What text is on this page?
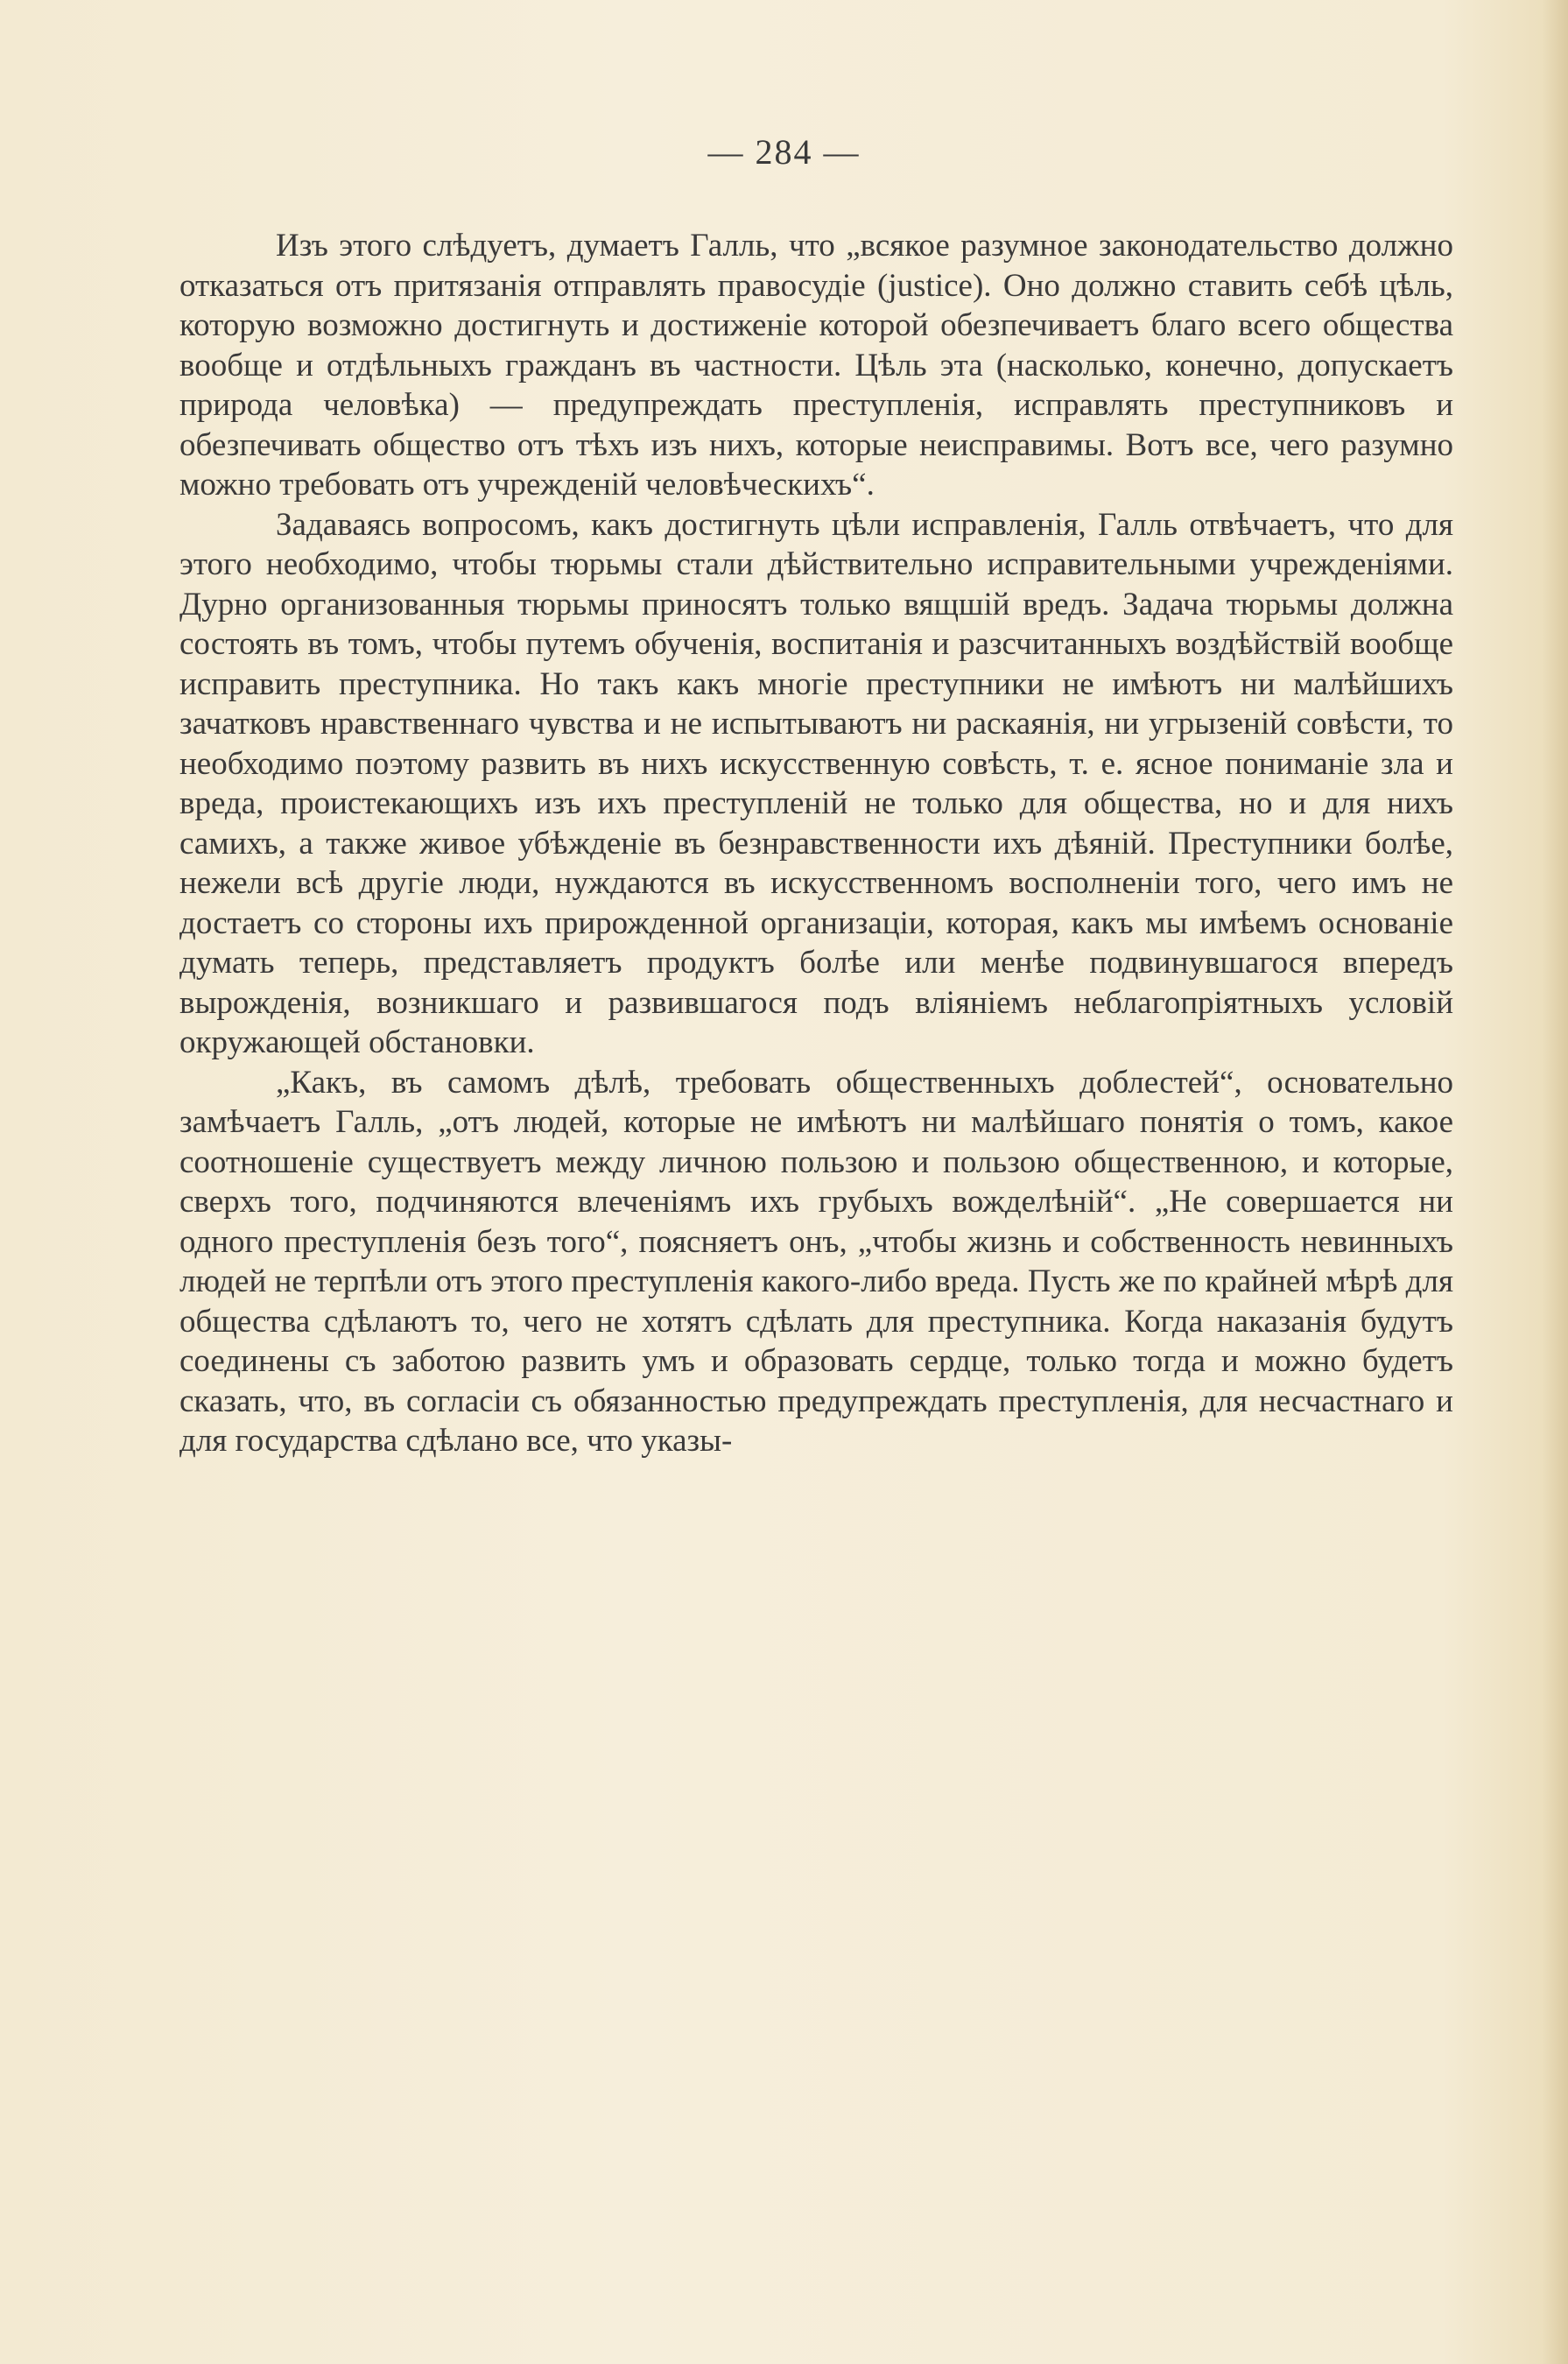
— 284 —

Изъ этого слѣдуетъ, думаетъ Галль, что „всякое разумное законодательство должно отказаться отъ притязанія отправлять правосудіе (justice). Оно должно ставить себѣ цѣль, которую возможно достигнуть и достиженіе которой обезпечиваетъ благо всего общества вообще и отдѣльныхъ гражданъ въ частности. Цѣль эта (насколько, конечно, допускаетъ природа человѣка) — предупреждать преступленія, исправлять преступниковъ и обезпечивать общество отъ тѣхъ изъ нихъ, которые неисправимы. Вотъ все, чего разумно можно требовать отъ учрежденій человѣческихъ“.

Задаваясь вопросомъ, какъ достигнуть цѣли исправленія, Галль отвѣчаетъ, что для этого необходимо, чтобы тюрьмы стали дѣйствительно исправительными учрежденіями. Дурно организованныя тюрьмы приносятъ только вящшій вредъ. Задача тюрьмы должна состоять въ томъ, чтобы путемъ обученія, воспитанія и разсчитанныхъ воздѣйствій вообще исправить преступника. Но такъ какъ многіе преступники не имѣютъ ни малѣйшихъ зачатковъ нравственнаго чувства и не испытываютъ ни раскаянія, ни угрызеній совѣсти, то необходимо поэтому развить въ нихъ искусственную совѣсть, т. е. ясное пониманіе зла и вреда, проистекающихъ изъ ихъ преступленій не только для общества, но и для нихъ самихъ, а также живое убѣжденіе въ безнравственности ихъ дѣяній. Преступники болѣе, нежели всѣ другіе люди, нуждаются въ искусственномъ восполненіи того, чего имъ не достаетъ со стороны ихъ прирожденной организаціи, которая, какъ мы имѣемъ основаніе думать теперь, представляетъ продуктъ болѣе или менѣе подвинувшагося впередъ вырожденія, возникшаго и развившагося подъ вліяніемъ неблагопріятныхъ условій окружающей обстановки.

„Какъ, въ самомъ дѣлѣ, требовать общественныхъ доблестей“, основательно замѣчаетъ Галль, „отъ людей, которые не имѣютъ ни малѣйшаго понятія о томъ, какое соотношеніе существуетъ между личною пользою и пользою общественною, и которые, сверхъ того, подчиняются влеченіямъ ихъ грубыхъ вожделѣній“. „Не совершается ни одного преступленія безъ того“, поясняетъ онъ, „чтобы жизнь и собственность невинныхъ людей не терпѣли отъ этого преступленія какого-либо вреда. Пусть же по крайней мѣрѣ для общества сдѣлаютъ то, чего не хотятъ сдѣлать для преступника. Когда наказанія будутъ соединены съ заботою развить умъ и образовать сердце, только тогда и можно будетъ сказать, что, въ согласіи съ обязанностью предупреждать преступленія, для несчастнаго и для государства сдѣлано все, что указы-
